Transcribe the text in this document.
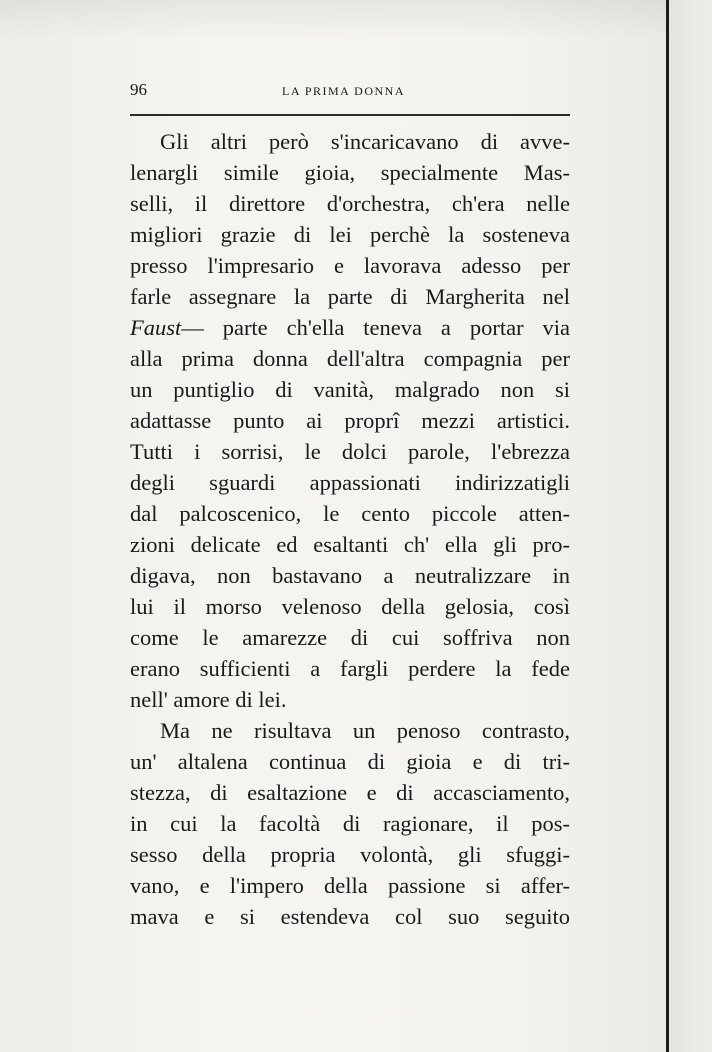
96	LA PRIMA DONNA
Gli altri però s'incaricavano di avve-
lenargli simile gioia, specialmente Mas-
selli, il direttore d'orchestra, ch'era nelle
migliori grazie di lei perchè la sosteneva
presso l'impresario e lavorava adesso per
farle assegnare la parte di Margherita nel
Faust— parte ch'ella teneva a portar via
alla prima donna dell'altra compagnia per
un puntiglio di vanità, malgrado non si
adattasse punto ai proprî mezzi artistici.
Tutti i sorrisi, le dolci parole, l'ebrezza
degli sguardi appassionati indirizzatigli
dal palcoscenico, le cento piccole atten-
zioni delicate ed esaltanti ch' ella gli pro-
digava, non bastavano a neutralizzare in
lui il morso velenoso della gelosia, così
come le amarezze di cui soffriva non
erano sufficienti a fargli perdere la fede
nell' amore di lei.
Ma ne risultava un penoso contrasto,
un' altalena continua di gioia e di tri-
stezza, di esaltazione e di accasciamento,
in cui la facoltà di ragionare, il pos-
sesso della propria volontà, gli sfuggi-
vano, e l'impero della passione si affer-
mava e si estendeva col suo seguito
